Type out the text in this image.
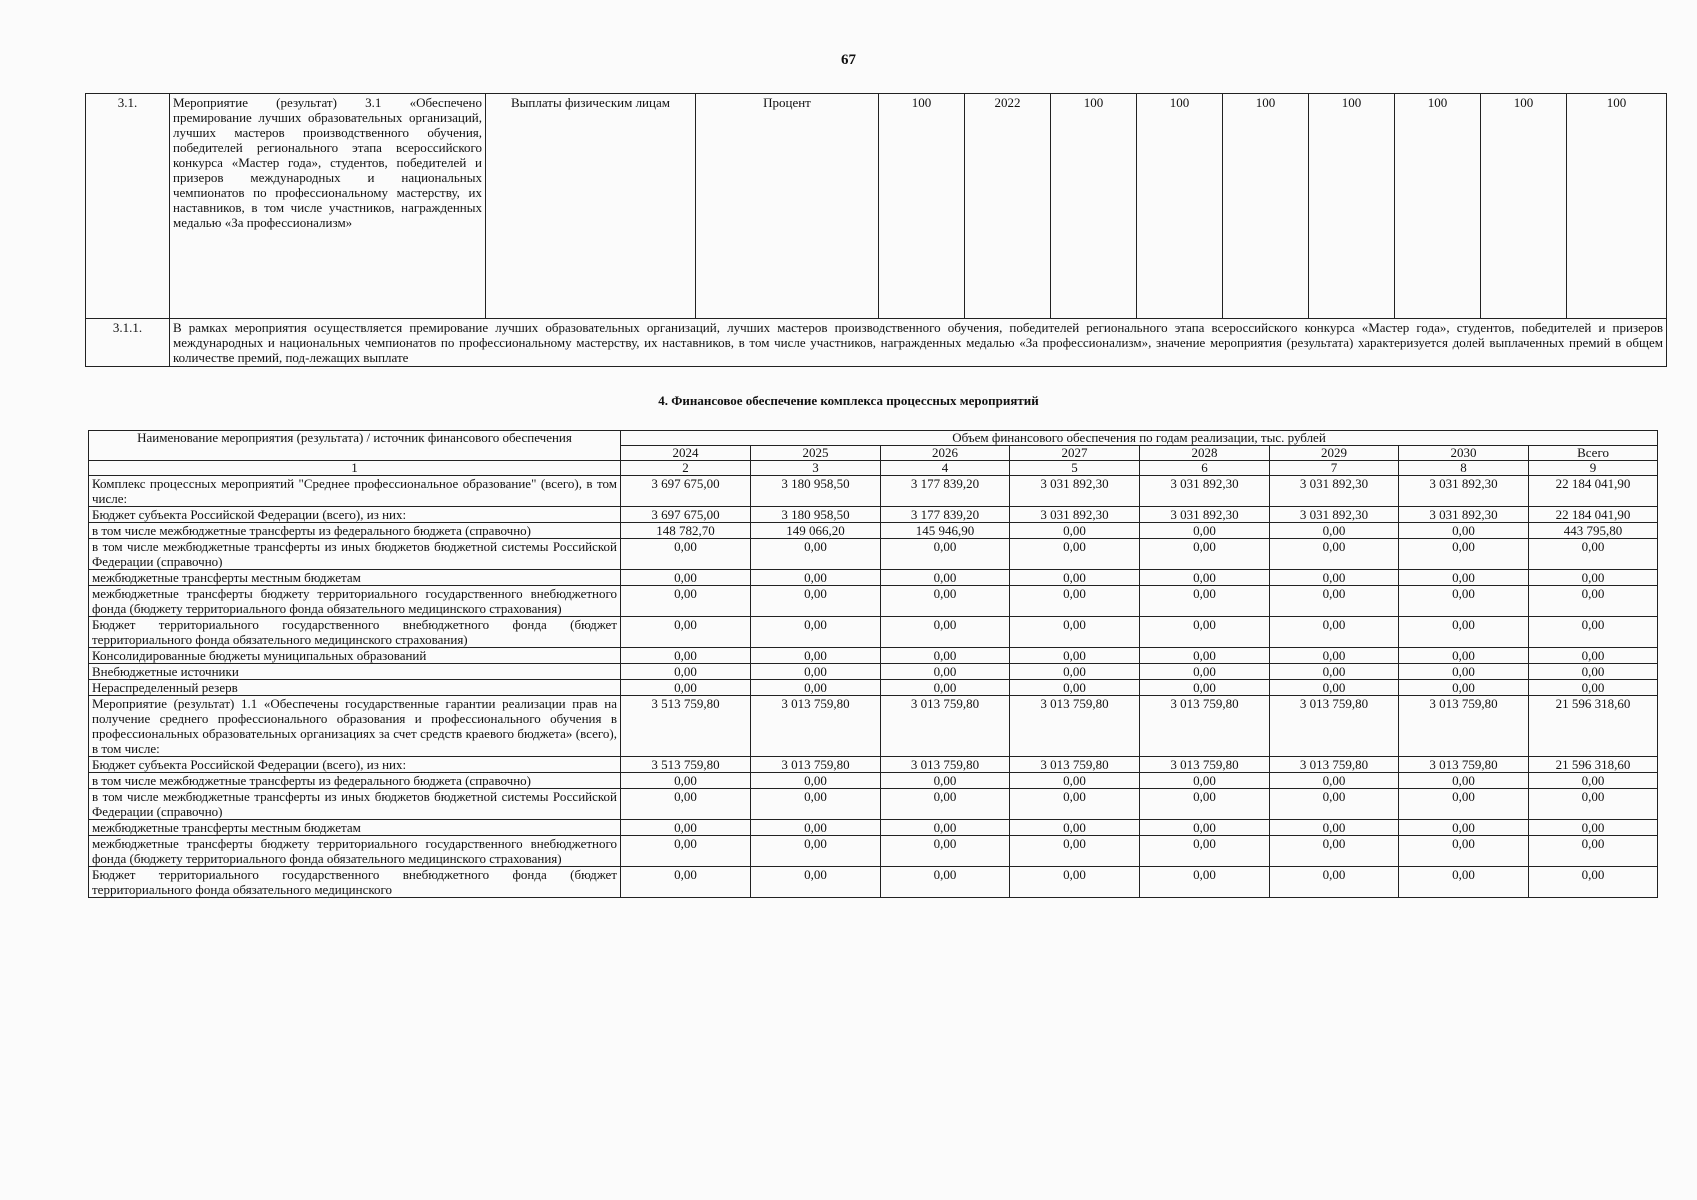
67
3.1.	Мероприятие (результат) 3.1 «Обеспечено премирование лучших образовательных организаций, лучших мастеров производственного обучения, победителей регионального этапа всероссийского конкурса «Мастер года», студентов, победителей и призеров международных и национальных чемпионатов по профессиональному мастерству, их наставников, в том числе участников, награжденных медалью «За профессионализм»	Выплаты физическим лицам	Процент	100	2022	100	100	100	100	100	100	100
3.1.1.	В рамках мероприятия осуществляется премирование лучших образовательных организаций, лучших мастеров производственного обучения, победителей регионального этапа всероссийского конкурса «Мастер года», студентов, победителей и призеров международных и национальных чемпионатов по профессиональному мастерству, их наставников, в том числе участников, награжденных медалью «За профессионализм», значение мероприятия (результата) характеризуется долей выплаченных премий в общем количестве премий, под-лежащих выплате											
4. Финансовое обеспечение комплекса процессных мероприятий
Наименование мероприятия (результата) / источник финансового обеспечения	Объем финансового обеспечения по годам реализации, тыс. рублей							
	2024	2025	2026	2027	2028	2029	2030	Всего
1	2	3	4	5	6	7	8	9
Комплекс процессных мероприятий "Среднее профессиональное образование" (всего), в том числе:	3 697 675,00	3 180 958,50	3 177 839,20	3 031 892,30	3 031 892,30	3 031 892,30	3 031 892,30	22 184 041,90
Бюджет субъекта Российской Федерации (всего), из них:	3 697 675,00	3 180 958,50	3 177 839,20	3 031 892,30	3 031 892,30	3 031 892,30	3 031 892,30	22 184 041,90
в том числе межбюджетные трансферты из федерального бюджета (справочно)	148 782,70	149 066,20	145 946,90	0,00	0,00	0,00	0,00	443 795,80
в том числе межбюджетные трансферты из иных бюджетов бюджетной системы Российской Федерации (справочно)	0,00	0,00	0,00	0,00	0,00	0,00	0,00	0,00
межбюджетные трансферты местным бюджетам	0,00	0,00	0,00	0,00	0,00	0,00	0,00	0,00
межбюджетные трансферты бюджету территориального государственного внебюджетного фонда (бюджету территориального фонда обязательного медицинского страхования)	0,00	0,00	0,00	0,00	0,00	0,00	0,00	0,00
Бюджет территориального государственного внебюджетного фонда (бюджет территориального фонда обязательного медицинского страхования)	0,00	0,00	0,00	0,00	0,00	0,00	0,00	0,00
Консолидированные бюджеты муниципальных образований	0,00	0,00	0,00	0,00	0,00	0,00	0,00	0,00
Внебюджетные источники	0,00	0,00	0,00	0,00	0,00	0,00	0,00	0,00
Нераспределенный резерв	0,00	0,00	0,00	0,00	0,00	0,00	0,00	0,00
Мероприятие (результат) 1.1 «Обеспечены государственные гарантии реализации прав на получение среднего профессионального образования и профессионального обучения в профессиональных образовательных организациях за счет средств краевого бюджета» (всего), в том числе:	3 513 759,80	3 013 759,80	3 013 759,80	3 013 759,80	3 013 759,80	3 013 759,80	3 013 759,80	21 596 318,60
Бюджет субъекта Российской Федерации (всего), из них:	3 513 759,80	3 013 759,80	3 013 759,80	3 013 759,80	3 013 759,80	3 013 759,80	3 013 759,80	21 596 318,60
в том числе межбюджетные трансферты из федерального бюджета (справочно)	0,00	0,00	0,00	0,00	0,00	0,00	0,00	0,00
в том числе межбюджетные трансферты из иных бюджетов бюджетной системы Российской Федерации (справочно)	0,00	0,00	0,00	0,00	0,00	0,00	0,00	0,00
межбюджетные трансферты местным бюджетам	0,00	0,00	0,00	0,00	0,00	0,00	0,00	0,00
межбюджетные трансферты бюджету территориального государственного внебюджетного фонда (бюджету территориального фонда обязательного медицинского страхования)	0,00	0,00	0,00	0,00	0,00	0,00	0,00	0,00
Бюджет территориального государственного внебюджетного фонда (бюджет территориального фонда обязательного медицинского	0,00	0,00	0,00	0,00	0,00	0,00	0,00	0,00
